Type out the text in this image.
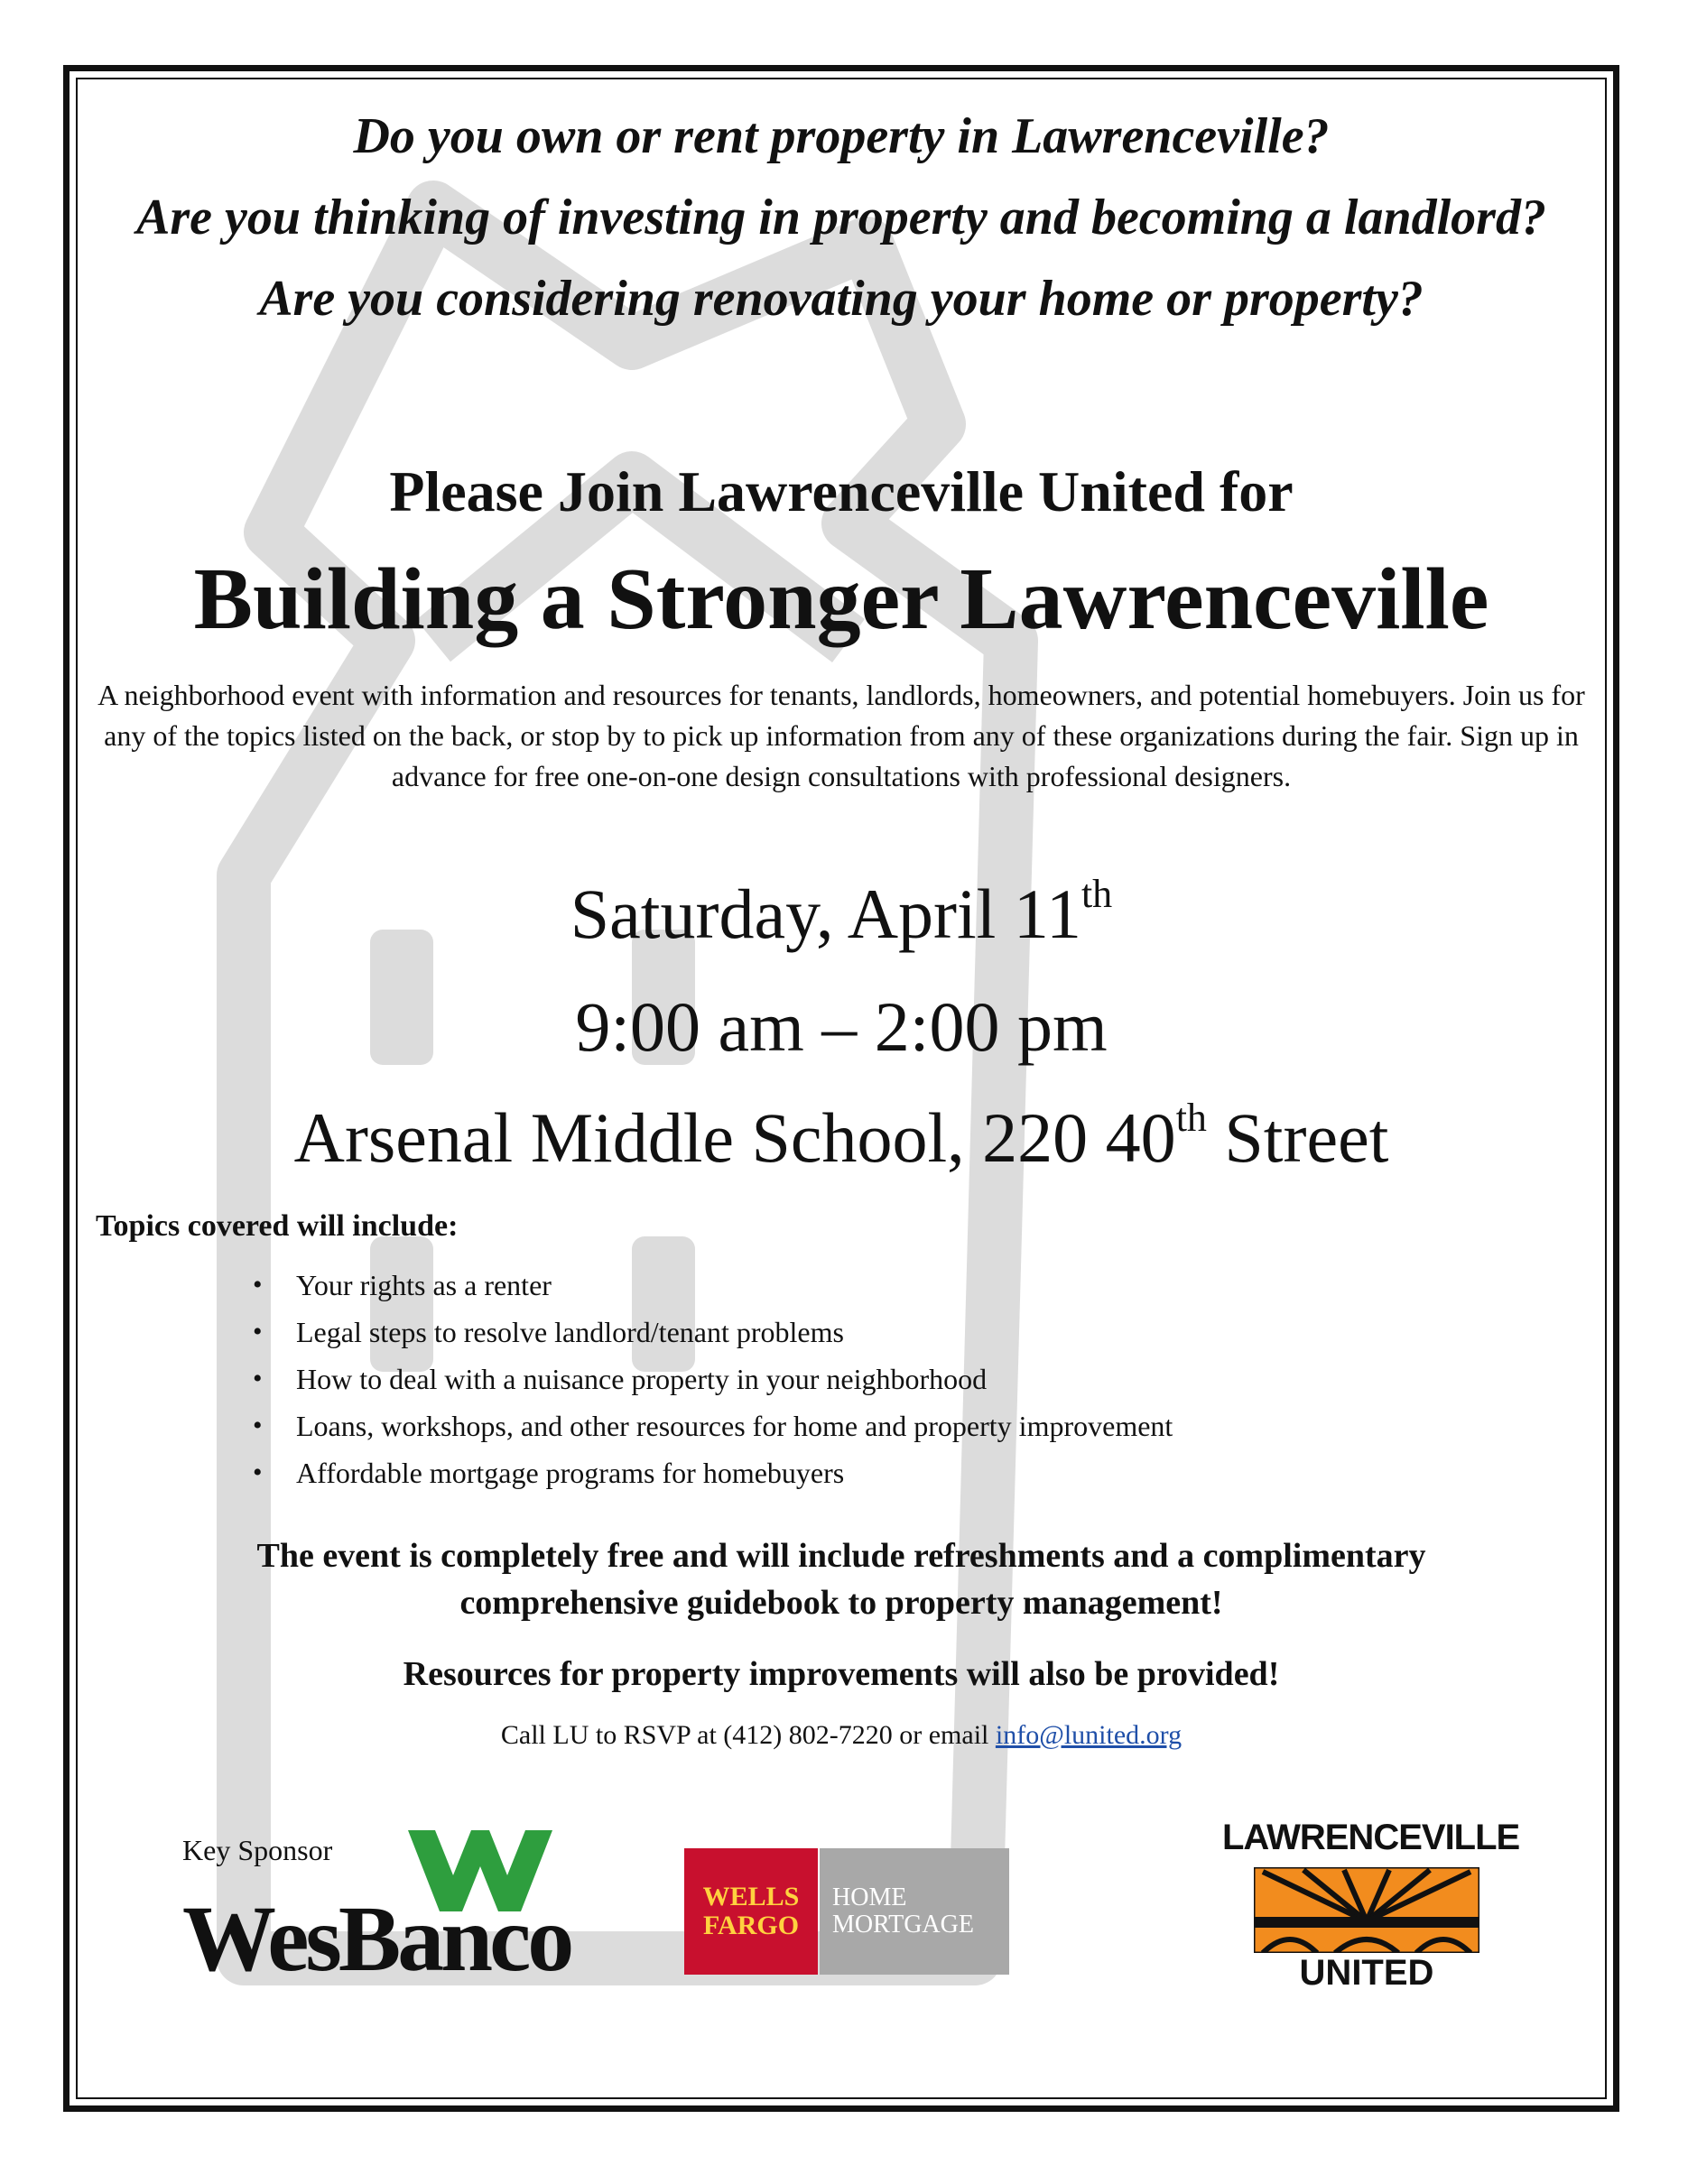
Do you own or rent property in Lawrenceville?

Are you thinking of investing in property and becoming a landlord?

Are you considering renovating your home or property?

Please Join Lawrenceville United for

Building a Stronger Lawrenceville

A neighborhood event with information and resources for tenants, landlords, homeowners, and potential homebuyers. Join us for any of the topics listed on the back, or stop by to pick up information from any of these organizations during the fair. Sign up in advance for free one-on-one design consultations with professional designers.

Saturday, April 11th

9:00 am – 2:00 pm

Arsenal Middle School, 220 40th Street

Topics covered will include:

• Your rights as a renter
• Legal steps to resolve landlord/tenant problems
• How to deal with a nuisance property in your neighborhood
• Loans, workshops, and other resources for home and property improvement
• Affordable mortgage programs for homebuyers
The event is completely free and will include refreshments and a complimentary
comprehensive guidebook to property management!

Resources for property improvements will also be provided!

Call LU to RSVP at (412) 802-7220 or email info@lunited.org

Key Sponsor

WesBanco	WELLS
FARGO
HOME
MORTGAGE
LAWRENCEVILLE
UNITED
